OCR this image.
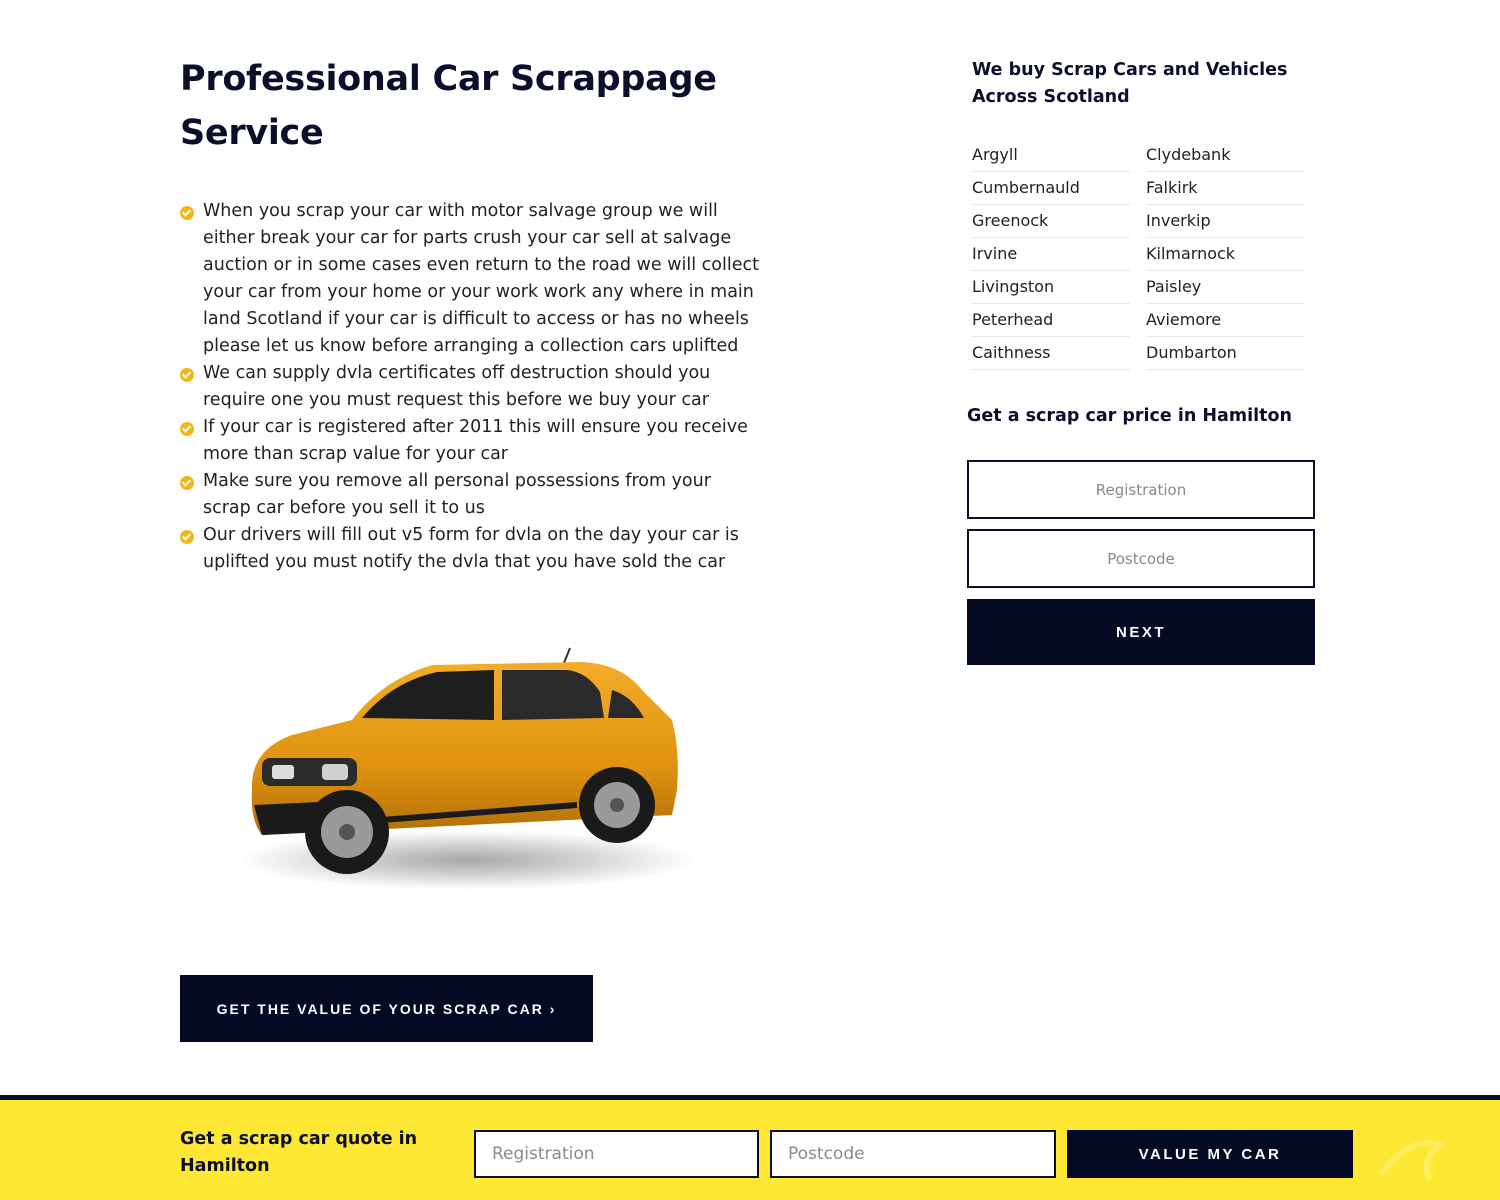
Professional Car Scrappage Service
When you scrap your car with motor salvage group we will either break your car for parts crush your car sell at salvage auction or in some cases even return to the road we will collect your car from your home or your work work any where in main land Scotland if your car is difficult to access or has no wheels please let us know before arranging a collection cars uplifted
We can supply dvla certificates off destruction should you require one you must request this before we buy your car
If your car is registered after 2011 this will ensure you receive more than scrap value for your car
Make sure you remove all personal possessions from your scrap car before you sell it to us
Our drivers will fill out v5 form for dvla on the day your car is uplifted you must notify the dvla that you have sold the car
GET THE VALUE OF YOUR SCRAP CAR ›
We buy Scrap Cars and Vehicles Across Scotland
Argyll	Clydebank
Cumbernauld	Falkirk
Greenock	Inverkip
Irvine	Kilmarnock
Livingston	Paisley
Peterhead	Aviemore
Caithness	Dumbarton
Get a scrap car price in Hamilton
Registration
Postcode
NEXT
Get a scrap car quote in Hamilton
Registration
Postcode
VALUE MY CAR
